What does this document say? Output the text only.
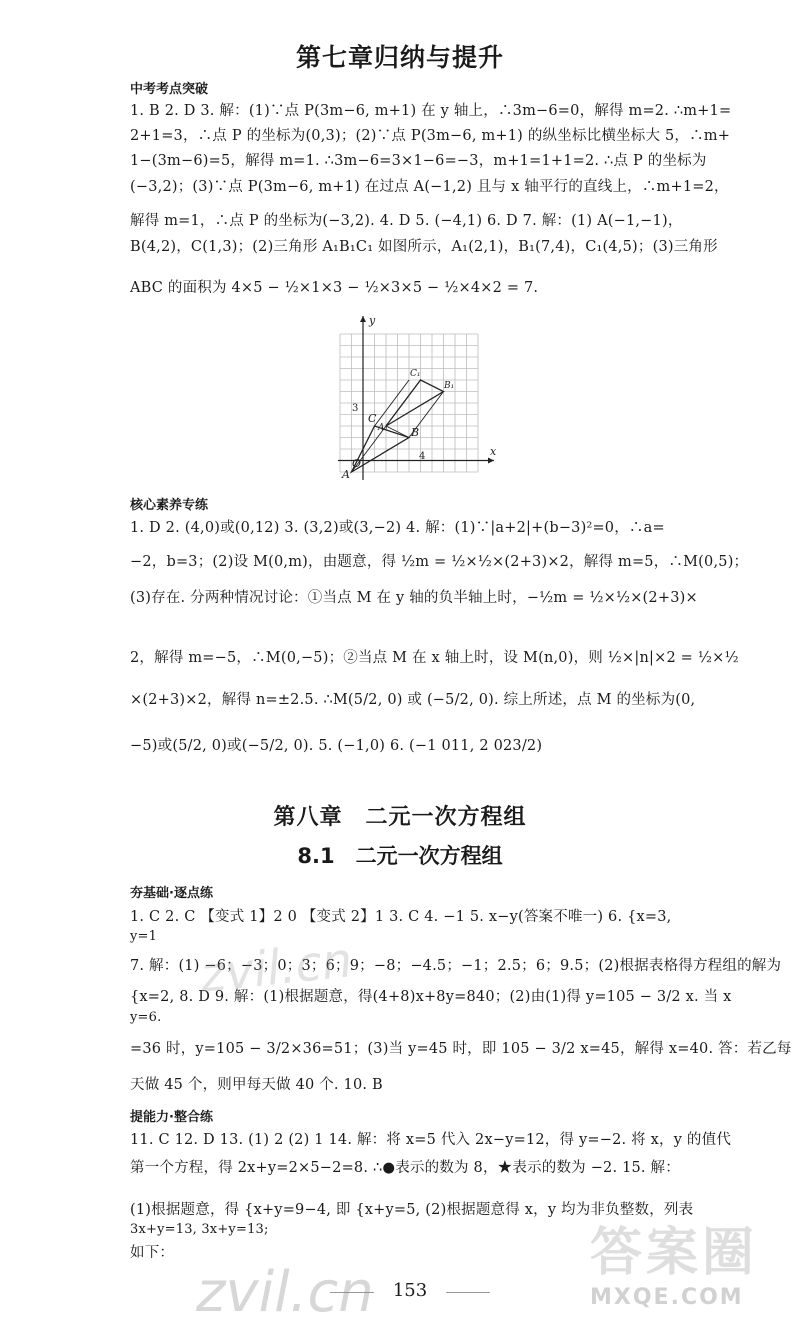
第七章归纳与提升
中考考点突破
1. B 2. D 3. 解：(1)∵点 P(3m−6, m+1) 在 y 轴上，∴3m−6=0，解得 m=2. ∴m+1=
2+1=3，∴点 P 的坐标为(0,3)；(2)∵点 P(3m−6, m+1) 的纵坐标比横坐标大 5，∴m+
1−(3m−6)=5，解得 m=1. ∴3m−6=3×1−6=−3，m+1=1+1=2. ∴点 P 的坐标为
(−3,2)；(3)∵点 P(3m−6, m+1) 在过点 A(−1,2) 且与 x 轴平行的直线上，∴m+1=2，
解得 m=1，∴点 P 的坐标为(−3,2). 4. D 5. (−4,1) 6. D 7. 解：(1) A(−1,−1)，
B(4,2)，C(1,3)；(2)三角形 A₁B₁C₁ 如图所示，A₁(2,1)，B₁(7,4)，C₁(4,5)；(3)三角形
ABC 的面积为 4×5 − ½×1×3 − ½×3×5 − ½×4×2 = 7.
y
x
O
A
B
C
A₁
B₁
C₁
3
4
核心素养专练
1. D 2. (4,0)或(0,12) 3. (3,2)或(3,−2) 4. 解：(1)∵|a+2|+(b−3)²=0，∴a=
−2，b=3；(2)设 M(0,m)，由题意，得 ½m = ½×½×(2+3)×2，解得 m=5，∴M(0,5)；
(3)存在. 分两种情况讨论：①当点 M 在 y 轴的负半轴上时，−½m = ½×½×(2+3)×
2，解得 m=−5，∴M(0,−5)；②当点 M 在 x 轴上时，设 M(n,0)，则 ½×|n|×2 = ½×½
×(2+3)×2，解得 n=±2.5. ∴M(5/2, 0) 或 (−5/2, 0). 综上所述，点 M 的坐标为(0,
−5)或(5/2, 0)或(−5/2, 0). 5. (−1,0) 6. (−1 011, 2 023/2)
第八章　二元一次方程组
8.1　二元一次方程组
夯基础·逐点练
1. C 2. C 【变式 1】2 0 【变式 2】1 3. C 4. −1 5. x−y(答案不唯一) 6. {x=3,
y=1
7. 解：(1) −6；−3；0；3；6；9；−8；−4.5；−1；2.5；6；9.5；(2)根据表格得方程组的解为
{x=2, 8. D 9. 解：(1)根据题意，得(4+8)x+8y=840；(2)由(1)得 y=105 − 3/2 x. 当 x
y=6.
=36 时，y=105 − 3/2×36=51；(3)当 y=45 时，即 105 − 3/2 x=45，解得 x=40. 答：若乙每
天做 45 个，则甲每天做 40 个. 10. B
提能力·整合练
11. C 12. D 13. (1) 2 (2) 1 14. 解：将 x=5 代入 2x−y=12，得 y=−2. 将 x，y 的值代
第一个方程，得 2x+y=2×5−2=8. ∴●表示的数为 8，★表示的数为 −2. 15. 解：
(1)根据题意，得 {x+y=9−4, 即 {x+y=5, (2)根据题意得 x，y 均为非负整数，列表
3x+y=13, 3x+y=13;
如下：
153
zvil.cn
zvil.cn
答案圈
MXQE.COM
